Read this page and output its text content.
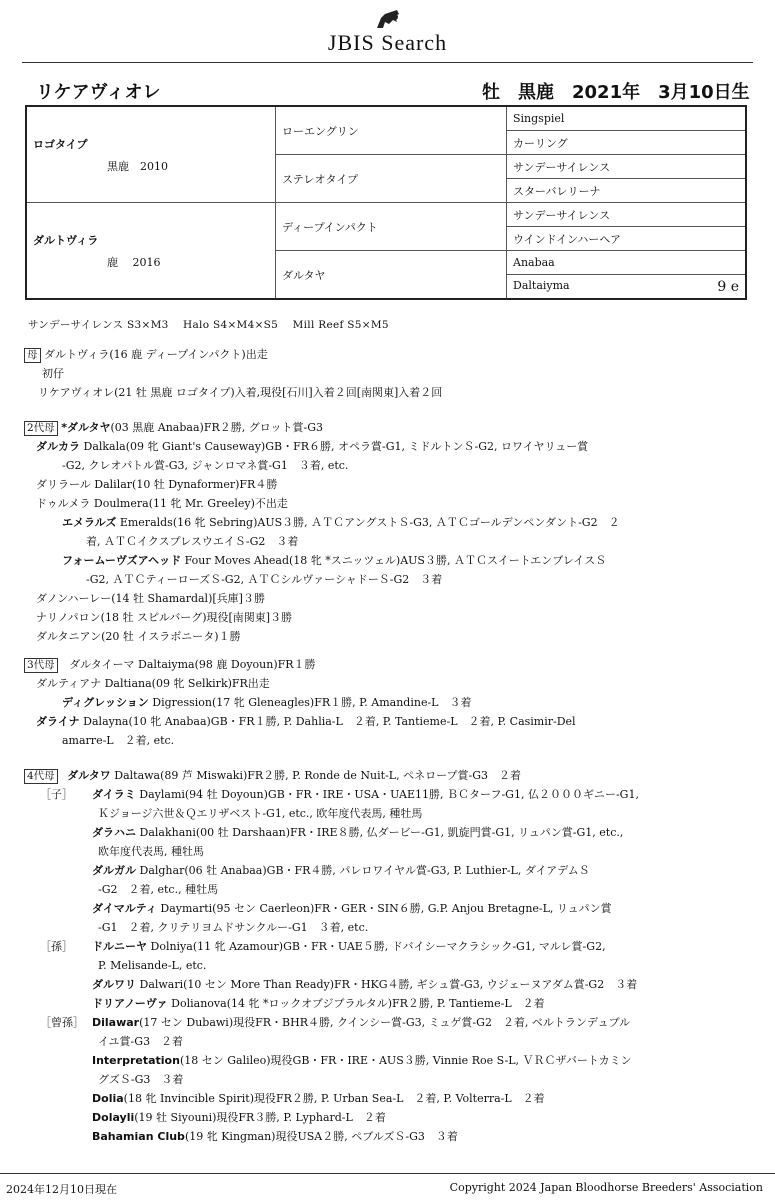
JBIS Search
リケアヴィオレ	牡　黒鹿　2021年　3月10日生
ロゴタイプ
黒鹿　2010	ローエングリン	Singspiel
		カーリング
	ステレオタイプ	サンデーサイレンス
		スターバレリーナ

ダルトヴィラ
鹿　 2016	ディープインパクト	サンデーサイレンス
		ウインドインハーヘア
	ダルタヤ	Anabaa
		Daltaiyma 9 e
サンデーサイレンス S3×M3　 Halo S4×M4×S5　 Mill Reef S5×M5
母 ダルトヴィラ(16 鹿 ディープインパクト)出走
初仔
リケアヴィオレ(21 牡 黒鹿 ロゴタイプ)入着,現役[石川]入着２回[南関東]入着２回
2代母 *ダルタヤ(03 黒鹿 Anabaa)FR２勝, グロット賞-G3
ダルカラ Dalkala(09 牝 Giant's Causeway)GB・FR６勝, オペラ賞-G1, ミドルトンＳ-G2, ロワイヤリュー賞
-G2, クレオパトル賞-G3, ジャンロマネ賞-G1　３着, etc.
ダリラール Dalilar(10 牡 Dynaformer)FR４勝
ドゥルメラ Doulmera(11 牝 Mr. Greeley)不出走
エメラルズ Emeralds(16 牝 Sebring)AUS３勝, ＡＴＣアングストＳ-G3, ＡＴＣゴールデンペンダント-G2　２
着, ＡＴＣイクスプレスウエイＳ-G2　３着
フォームーヴズアヘッド Four Moves Ahead(18 牝 *スニッツェル)AUS３勝, ＡＴＣスイートエンブレイスＳ
-G2, ＡＴＣティーローズＳ-G2, ＡＴＣシルヴァーシャドーＳ-G2　３着
ダノンハーレー(14 牡 Shamardal)[兵庫]３勝
ナリノパロン(18 牡 スピルバーグ)現役[南関東]３勝
ダルタニアン(20 牡 イスラボニータ)１勝
3代母 ダルタイーマ Daltaiyma(98 鹿 Doyoun)FR１勝
ダルティアナ Daltiana(09 牝 Selkirk)FR出走
ディグレッション Digression(17 牝 Gleneagles)FR１勝, P. Amandine-L　３着
ダライナ Dalayna(10 牝 Anabaa)GB・FR１勝, P. Dahlia-L　２着, P. Tantieme-L　２着, P. Casimir-Del
amarre-L　２着, etc.
4代母 ダルタワ Daltawa(89 芦 Miswaki)FR２勝, P. Ronde de Nuit-L, ペネロープ賞-G3　２着
［子］ ダイラミ Daylami(94 牡 Doyoun)GB・FR・IRE・USA・UAE11勝, ＢＣターフ-G1, 仏２０００ギニー-G1,
Ｋジョージ六世＆Ｑエリザベスト-G1, etc., 欧年度代表馬, 種牡馬
ダラハニ Dalakhani(00 牡 Darshaan)FR・IRE８勝, 仏ダービー-G1, 凱旋門賞-G1, リュパン賞-G1, etc.,
欧年度代表馬, 種牡馬
ダルガル Dalghar(06 牡 Anabaa)GB・FR４勝, パレロワイヤル賞-G3, P. Luthier-L, ダイアデムＳ
-G2　２着, etc., 種牡馬
ダイマルティ Daymarti(95 セン Caerleon)FR・GER・SIN６勝, G.P. Anjou Bretagne-L, リュパン賞
-G1　２着, クリテリヨムドサンクルー-G1　３着, etc.
［孫］ ドルニーヤ Dolniya(11 牝 Azamour)GB・FR・UAE５勝, ドバイシーマクラシック-G1, マルレ賞-G2,
P. Melisande-L, etc.
ダルワリ Dalwari(10 セン More Than Ready)FR・HKG４勝, ギシュ賞-G3, ウジェーヌアダム賞-G2　３着
ドリアノーヴァ Dolianova(14 牝 *ロックオブジブラルタル)FR２勝, P. Tantieme-L　２着
［曾孫］ Dilawar(17 セン Dubawi)現役FR・BHR４勝, クインシー賞-G3, ミュゲ賞-G2　２着, ベルトランデュブル
イユ賞-G3　２着
Interpretation(18 セン Galileo)現役GB・FR・IRE・AUS３勝, Vinnie Roe S-L, ＶＲＣザバートカミン
グズＳ-G3　３着
Dolia(18 牝 Invincible Spirit)現役FR２勝, P. Urban Sea-L　２着, P. Volterra-L　２着
Dolayli(19 牡 Siyouni)現役FR３勝, P. Lyphard-L　２着
Bahamian Club(19 牝 Kingman)現役USA２勝, ペブルズＳ-G3　３着
2024年12月10日現在	Copyright 2024 Japan Bloodhorse Breeders' Association
